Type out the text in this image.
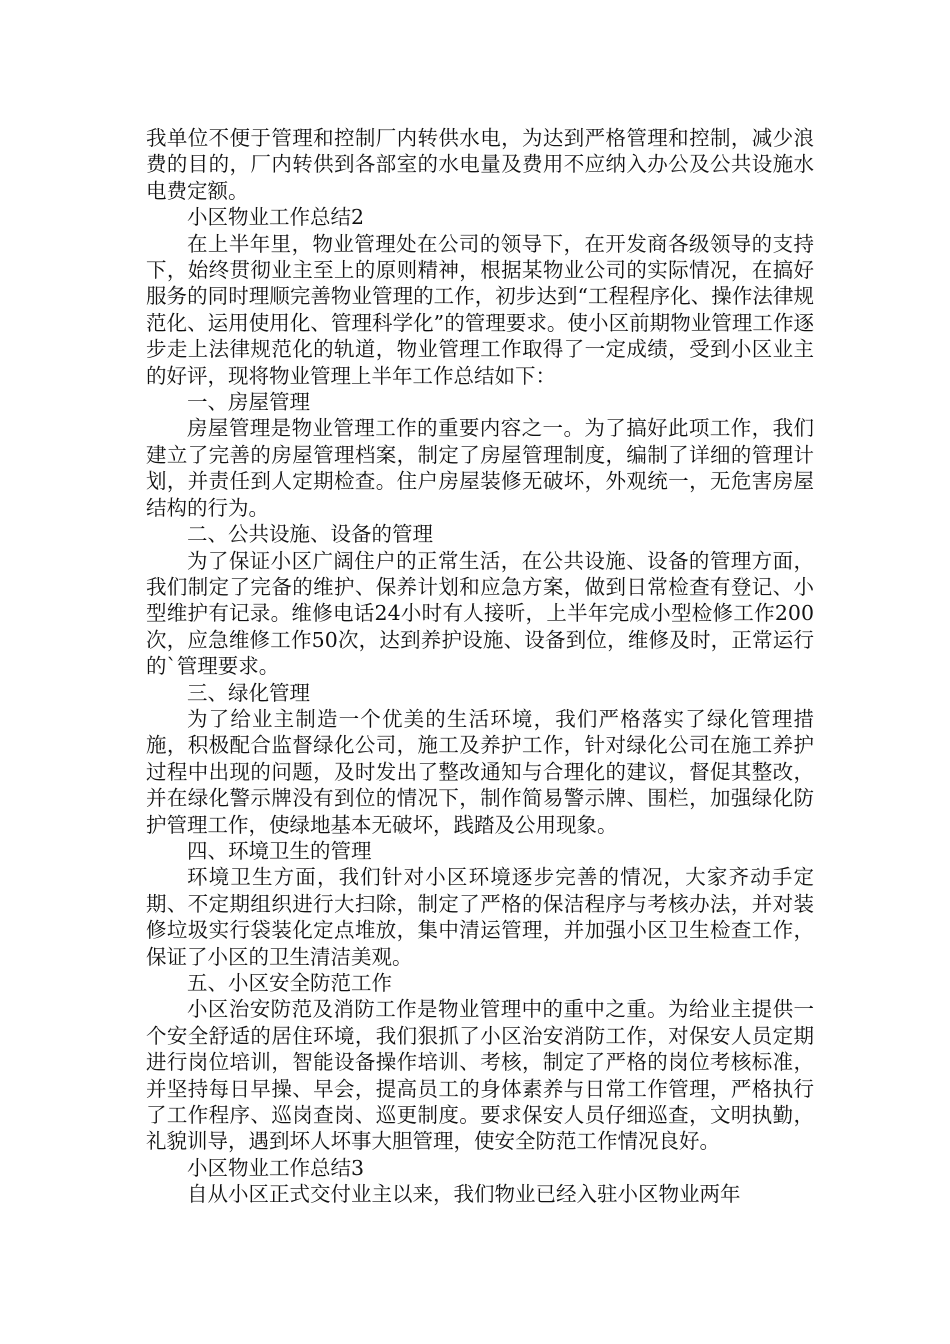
我单位不便于管理和控制厂内转供水电，为达到严格管理和控制，减少浪费的目的，厂内转供到各部室的水电量及费用不应纳入办公及公共设施水电费定额。

小区物业工作总结2

在上半年里，物业管理处在公司的领导下，在开发商各级领导的支持下，始终贯彻业主至上的原则精神，根据某物业公司的实际情况，在搞好服务的同时理顺完善物业管理的工作，初步达到“工程程序化、操作法律规范化、运用使用化、管理科学化”的管理要求。使小区前期物业管理工作逐步走上法律规范化的轨道，物业管理工作取得了一定成绩，受到小区业主的好评，现将物业管理上半年工作总结如下：

一、房屋管理

房屋管理是物业管理工作的重要内容之一。为了搞好此项工作，我们建立了完善的房屋管理档案，制定了房屋管理制度，编制了详细的管理计划，并责任到人定期检查。住户房屋装修无破坏，外观统一，无危害房屋结构的行为。

二、公共设施、设备的管理

为了保证小区广阔住户的正常生活，在公共设施、设备的管理方面，我们制定了完备的维护、保养计划和应急方案，做到日常检查有登记、小型维护有记录。维修电话24小时有人接听，上半年完成小型检修工作200次，应急维修工作50次，达到养护设施、设备到位，维修及时，正常运行的`管理要求。

三、绿化管理

为了给业主制造一个优美的生活环境，我们严格落实了绿化管理措施，积极配合监督绿化公司，施工及养护工作，针对绿化公司在施工养护过程中出现的问题，及时发出了整改通知与合理化的建议，督促其整改，并在绿化警示牌没有到位的情况下，制作简易警示牌、围栏，加强绿化防护管理工作，使绿地基本无破坏，践踏及公用现象。

四、环境卫生的管理

环境卫生方面，我们针对小区环境逐步完善的情况，大家齐动手定期、不定期组织进行大扫除，制定了严格的保洁程序与考核办法，并对装修垃圾实行袋装化定点堆放，集中清运管理，并加强小区卫生检查工作，保证了小区的卫生清洁美观。

五、小区安全防范工作

小区治安防范及消防工作是物业管理中的重中之重。为给业主提供一个安全舒适的居住环境，我们狠抓了小区治安消防工作，对保安人员定期进行岗位培训，智能设备操作培训、考核，制定了严格的岗位考核标准，并坚持每日早操、早会，提高员工的身体素养与日常工作管理，严格执行了工作程序、巡岗查岗、巡更制度。要求保安人员仔细巡查，文明执勤，礼貌训导，遇到坏人坏事大胆管理，使安全防范工作情况良好。

小区物业工作总结3

自从小区正式交付业主以来，我们物业已经入驻小区物业两年
